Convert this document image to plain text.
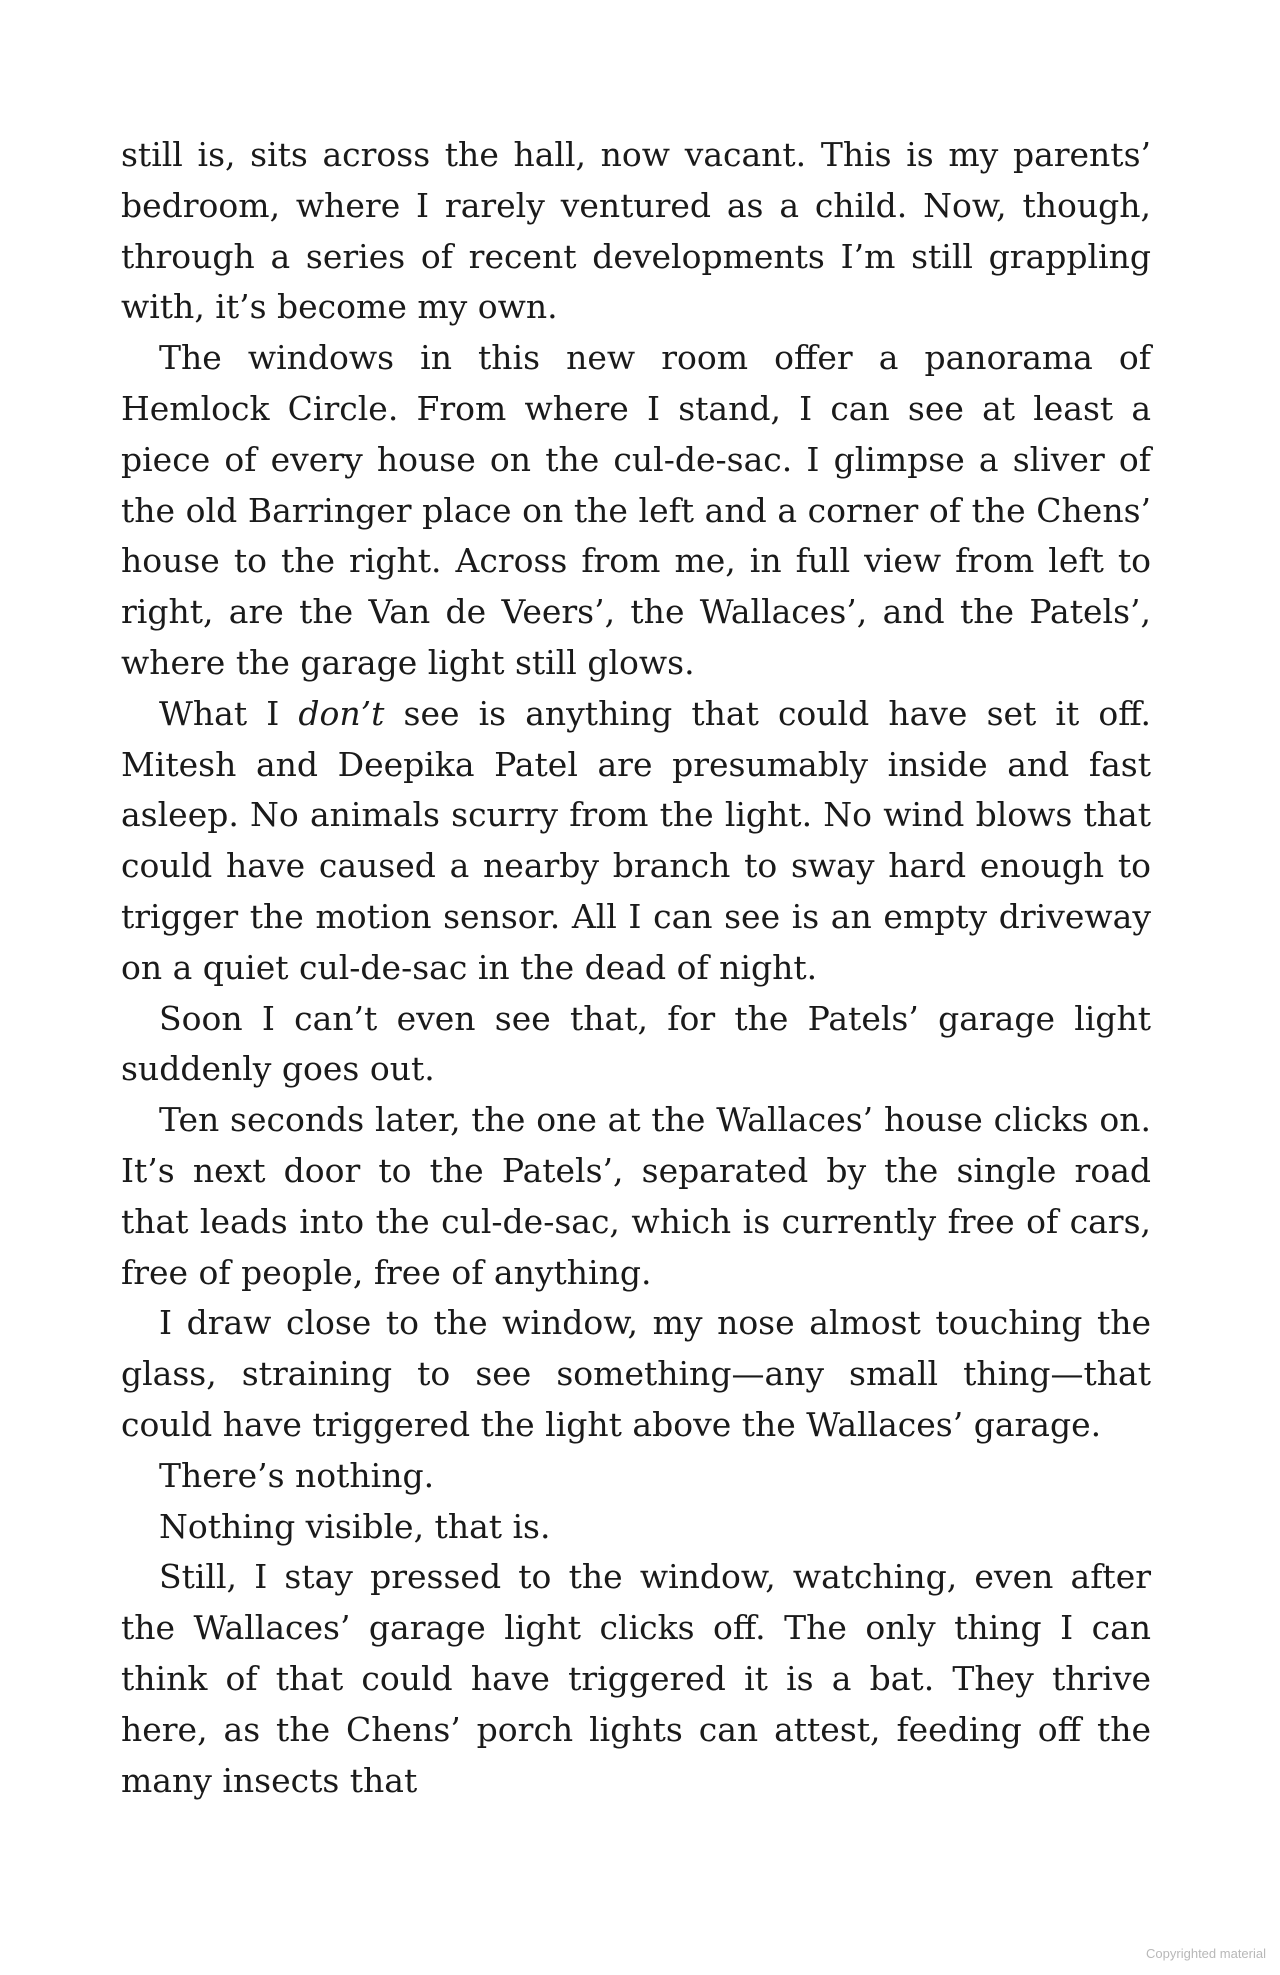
still is, sits across the hall, now vacant. This is my parents’ bedroom, where I rarely ventured as a child. Now, though, through a series of recent developments I’m still grappling with, it’s become my own.

The windows in this new room offer a panorama of Hemlock Circle. From where I stand, I can see at least a piece of every house on the cul-de-sac. I glimpse a sliver of the old Barringer place on the left and a corner of the Chens’ house to the right. Across from me, in full view from left to right, are the Van de Veers’, the Wallaces’, and the Patels’, where the garage light still glows.

What I don’t see is anything that could have set it off. Mitesh and Deepika Patel are presumably inside and fast asleep. No animals scurry from the light. No wind blows that could have caused a nearby branch to sway hard enough to trigger the motion sensor. All I can see is an empty driveway on a quiet cul-de-sac in the dead of night.

Soon I can’t even see that, for the Patels’ garage light suddenly goes out.

Ten seconds later, the one at the Wallaces’ house clicks on. It’s next door to the Patels’, separated by the single road that leads into the cul-de-sac, which is currently free of cars, free of people, free of anything.

I draw close to the window, my nose almost touching the glass, straining to see something—any small thing—that could have triggered the light above the Wallaces’ garage.

There’s nothing.

Nothing visible, that is.

Still, I stay pressed to the window, watching, even after the Wallaces’ garage light clicks off. The only thing I can think of that could have triggered it is a bat. They thrive here, as the Chens’ porch lights can attest, feeding off the many insects that

Copyrighted material
